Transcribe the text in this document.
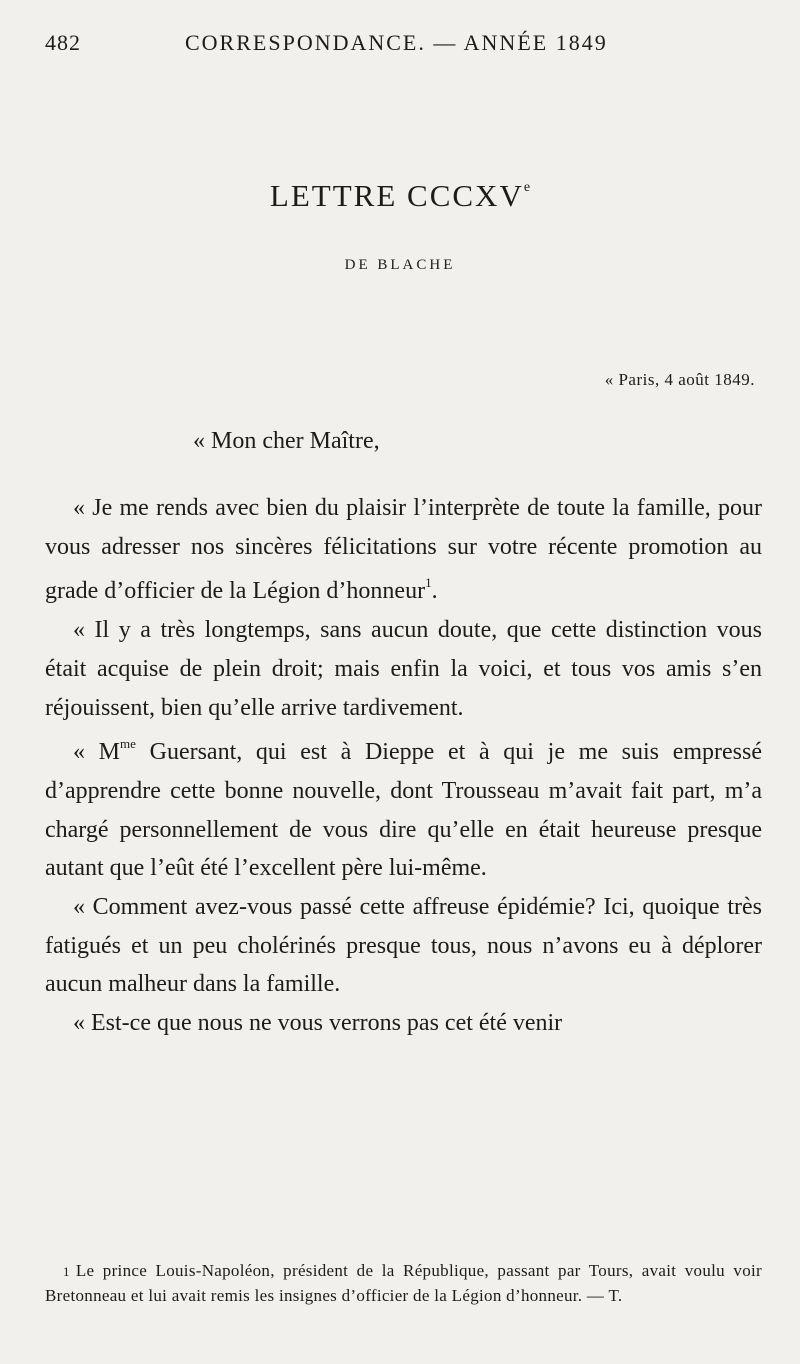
482	CORRESPONDANCE. — ANNÉE 1849
LETTRE CCCXVe
DE BLACHE
« Paris, 4 août 1849.
« Mon cher Maître,

« Je me rends avec bien du plaisir l’interprète de toute la famille, pour vous adresser nos sincères félicitations sur votre récente promotion au grade d’officier de la Légion d’honneur$^1$.

« Il y a très longtemps, sans aucun doute, que cette distinction vous était acquise de plein droit; mais enfin la voici, et tous vos amis s’en réjouissent, bien qu’elle arrive tardivement.

« $M^{me}$ Guersant, qui est à Dieppe et à qui je me suis empressé d’apprendre cette bonne nouvelle, dont Trousseau m’avait fait part, m’a chargé personnellement de vous dire qu’elle en était heureuse presque autant que l’eût été l’excellent père lui-même.

« Comment avez-vous passé cette affreuse épidémie? Ici, quoique très fatigués et un peu cholérinés presque tous, nous n’avons eu à déplorer aucun malheur dans la famille.

« Est-ce que nous ne vous verrons pas cet été venir

1 Le prince Louis-Napoléon, président de la République, passant par Tours, avait voulu voir Bretonneau et lui avait remis les insignes d’officier de la Légion d’honneur. — T.
